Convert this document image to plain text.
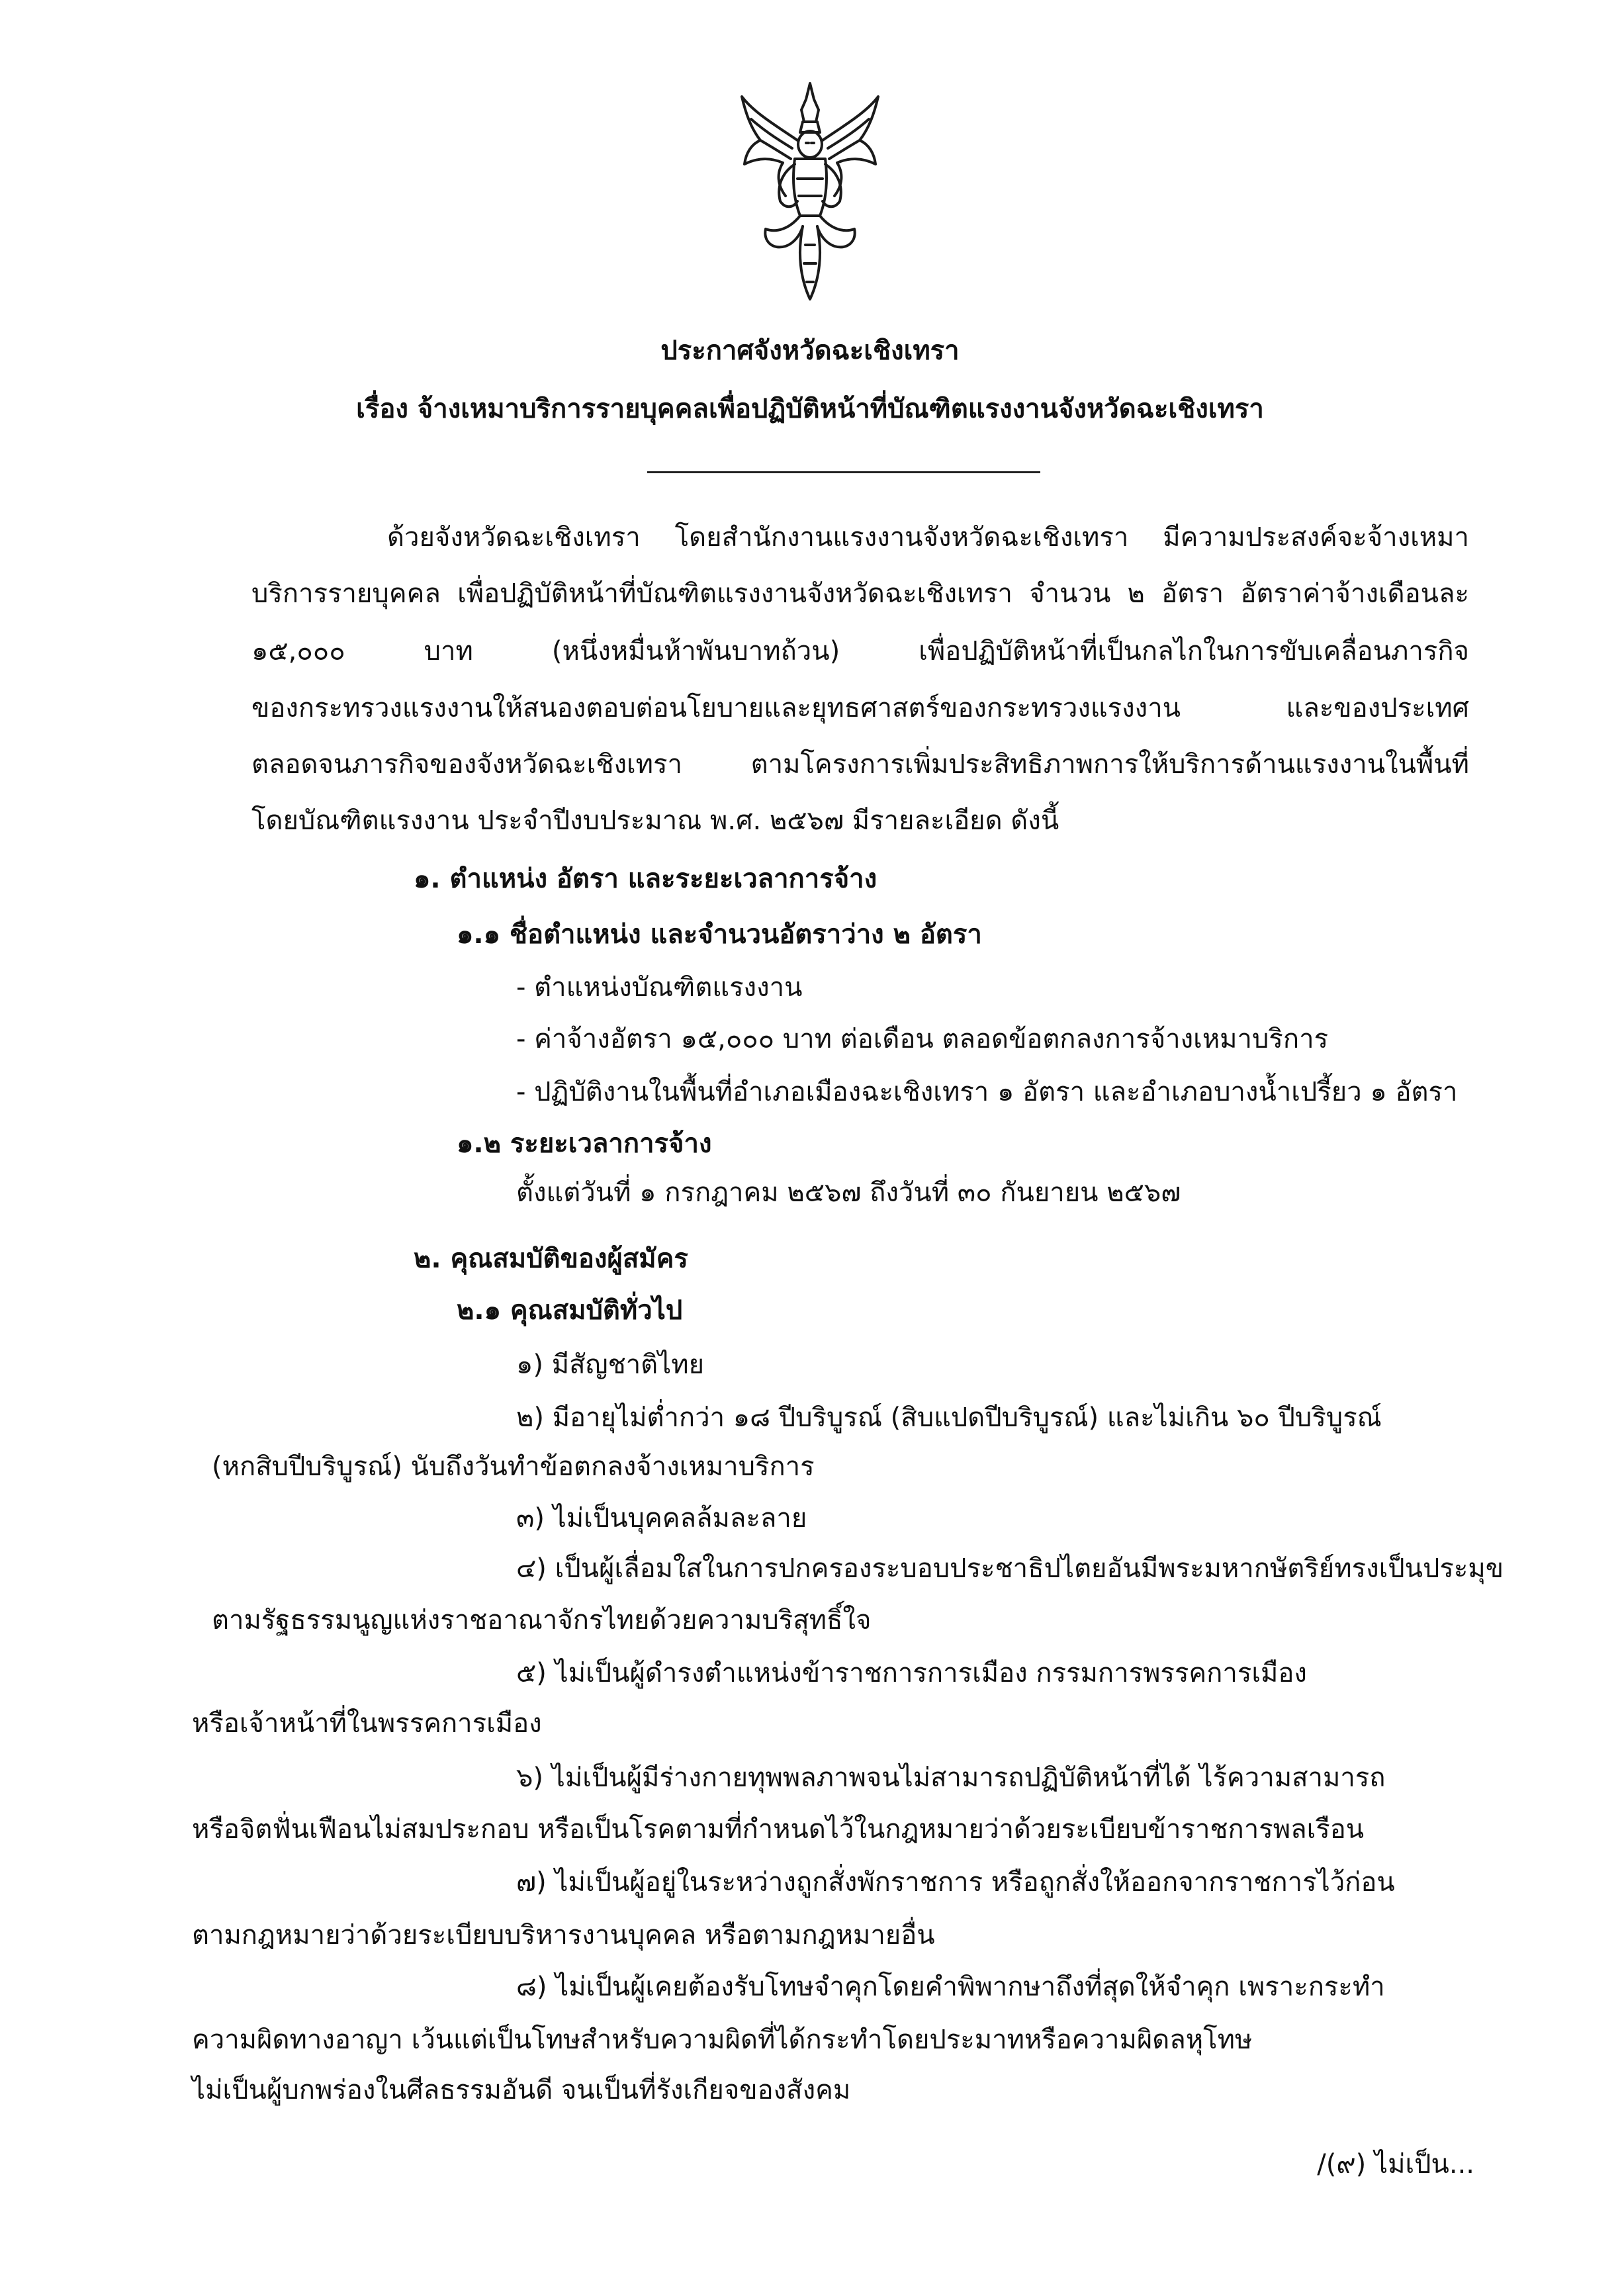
ประกาศจังหวัดฉะเชิงเทรา
เรื่อง จ้างเหมาบริการรายบุคคลเพื่อปฏิบัติหน้าที่บัณฑิตแรงงานจังหวัดฉะเชิงเทรา
ด้วยจังหวัดฉะเชิงเทรา โดยสำนักงานแรงงานจังหวัดฉะเชิงเทรา มีความประสงค์จะจ้างเหมา
บริการรายบุคคล เพื่อปฏิบัติหน้าที่บัณฑิตแรงงานจังหวัดฉะเชิงเทรา จำนวน ๒ อัตรา อัตราค่าจ้างเดือนละ
๑๕,๐๐๐ บาท (หนึ่งหมื่นห้าพันบาทถ้วน) เพื่อปฏิบัติหน้าที่เป็นกลไกในการขับเคลื่อนภารกิจ
ของกระทรวงแรงงานให้สนองตอบต่อนโยบายและยุทธศาสตร์ของกระทรวงแรงงาน และของประเทศ
ตลอดจนภารกิจของจังหวัดฉะเชิงเทรา ตามโครงการเพิ่มประสิทธิภาพการให้บริการด้านแรงงานในพื้นที่
โดยบัณฑิตแรงงาน ประจำปีงบประมาณ พ.ศ. ๒๕๖๗ มีรายละเอียด ดังนี้
๑. ตำแหน่ง อัตรา และระยะเวลาการจ้าง
๑.๑ ชื่อตำแหน่ง และจำนวนอัตราว่าง ๒ อัตรา
- ตำแหน่งบัณฑิตแรงงาน
- ค่าจ้างอัตรา ๑๕,๐๐๐ บาท ต่อเดือน ตลอดข้อตกลงการจ้างเหมาบริการ
- ปฏิบัติงานในพื้นที่อำเภอเมืองฉะเชิงเทรา ๑ อัตรา และอำเภอบางน้ำเปรี้ยว ๑ อัตรา
๑.๒ ระยะเวลาการจ้าง
ตั้งแต่วันที่ ๑ กรกฎาคม ๒๕๖๗ ถึงวันที่ ๓๐ กันยายน ๒๕๖๗
๒. คุณสมบัติของผู้สมัคร
๒.๑ คุณสมบัติทั่วไป
๑) มีสัญชาติไทย
๒) มีอายุไม่ต่ำกว่า ๑๘ ปีบริบูรณ์ (สิบแปดปีบริบูรณ์) และไม่เกิน ๖๐ ปีบริบูรณ์
(หกสิบปีบริบูรณ์) นับถึงวันทำข้อตกลงจ้างเหมาบริการ
๓) ไม่เป็นบุคคลล้มละลาย
๔) เป็นผู้เลื่อมใสในการปกครองระบอบประชาธิปไตยอันมีพระมหากษัตริย์ทรงเป็นประมุข
ตามรัฐธรรมนูญแห่งราชอาณาจักรไทยด้วยความบริสุทธิ์ใจ
๕) ไม่เป็นผู้ดำรงตำแหน่งข้าราชการการเมือง กรรมการพรรคการเมือง
หรือเจ้าหน้าที่ในพรรคการเมือง
๖) ไม่เป็นผู้มีร่างกายทุพพลภาพจนไม่สามารถปฏิบัติหน้าที่ได้ ไร้ความสามารถ
หรือจิตฟั่นเฟือนไม่สมประกอบ หรือเป็นโรคตามที่กำหนดไว้ในกฎหมายว่าด้วยระเบียบข้าราชการพลเรือน
๗) ไม่เป็นผู้อยู่ในระหว่างถูกสั่งพักราชการ หรือถูกสั่งให้ออกจากราชการไว้ก่อน
ตามกฎหมายว่าด้วยระเบียบบริหารงานบุคคล หรือตามกฎหมายอื่น
๘) ไม่เป็นผู้เคยต้องรับโทษจำคุกโดยคำพิพากษาถึงที่สุดให้จำคุก เพราะกระทำ
ความผิดทางอาญา เว้นแต่เป็นโทษสำหรับความผิดที่ได้กระทำโดยประมาทหรือความผิดลหุโทษ
ไม่เป็นผู้บกพร่องในศีลธรรมอันดี จนเป็นที่รังเกียจของสังคม
/(๙) ไม่เป็น...
